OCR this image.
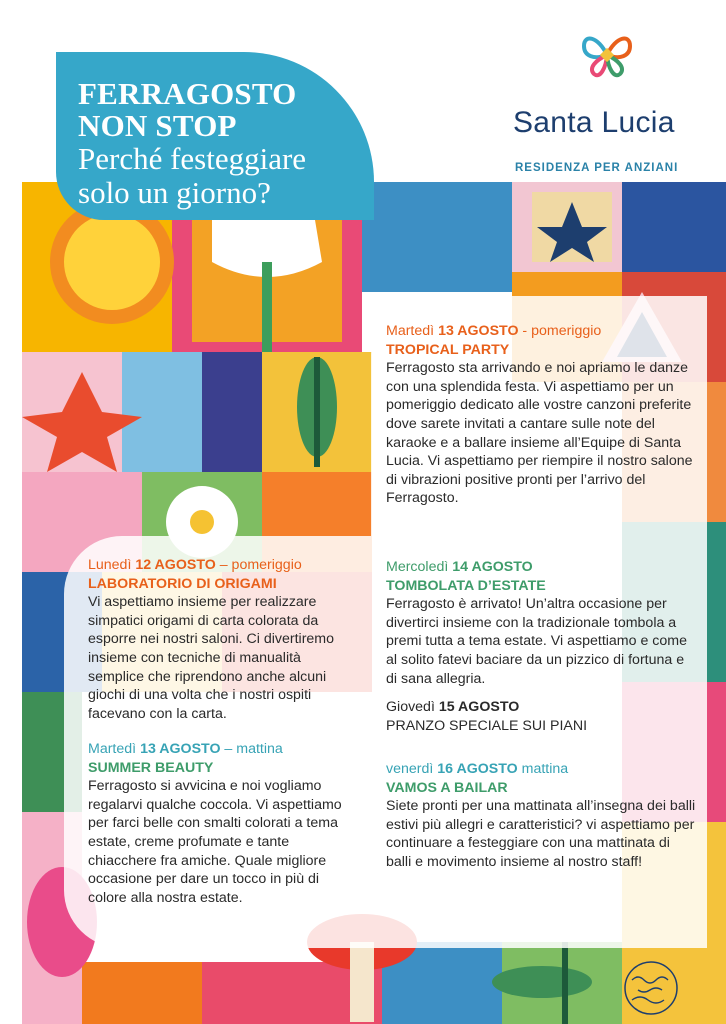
FERRAGOSTO
NON STOP
Perché festeggiare
solo un giorno?
Santa Lucia
RESIDENZA PER ANZIANI
Martedì 13 AGOSTO - pomeriggio
TROPICAL PARTY
Ferragosto sta arrivando e noi apriamo le danze con una splendida festa. Vi aspettiamo per un pomeriggio dedicato alle vostre canzoni preferite dove sarete invitati a cantare sulle note del karaoke e a ballare insieme all’Equipe di Santa Lucia. Vi aspettiamo per riempire il nostro salone di vibrazioni positive pronti per l’arrivo del Ferragosto.
Mercoledì 14 AGOSTO
TOMBOLATA D’ESTATE
Ferragosto è arrivato! Un’altra occasione per divertirci insieme con la tradizionale tombola a premi tutta a tema estate. Vi aspettiamo e come al solito fatevi baciare da un pizzico di fortuna e di sana allegria.
Giovedì 15 AGOSTO
PRANZO SPECIALE SUI PIANI
venerdì 16 AGOSTO mattina
VAMOS A BAILAR
Siete pronti per una mattinata all’insegna dei balli estivi più allegri e caratteristici? vi aspettiamo per continuare a festeggiare con una mattinata di balli e movimento insieme al nostro staff!
Lunedì 12 AGOSTO – pomeriggio
LABORATORIO DI ORIGAMI
Vi aspettiamo insieme per realizzare simpatici origami di carta colorata da esporre nei nostri saloni. Ci divertiremo insieme con tecniche di manualità semplice che riprendono anche alcuni giochi di una volta che i nostri ospiti facevano con la carta.
Martedì 13 AGOSTO – mattina
SUMMER BEAUTY
Ferragosto si avvicina e noi vogliamo regalarvi qualche coccola. Vi aspettiamo per farci belle con smalti colorati a tema estate, creme profumate e tante chiacchere fra amiche. Quale migliore occasione per dare un tocco in più di colore alla nostra estate.
